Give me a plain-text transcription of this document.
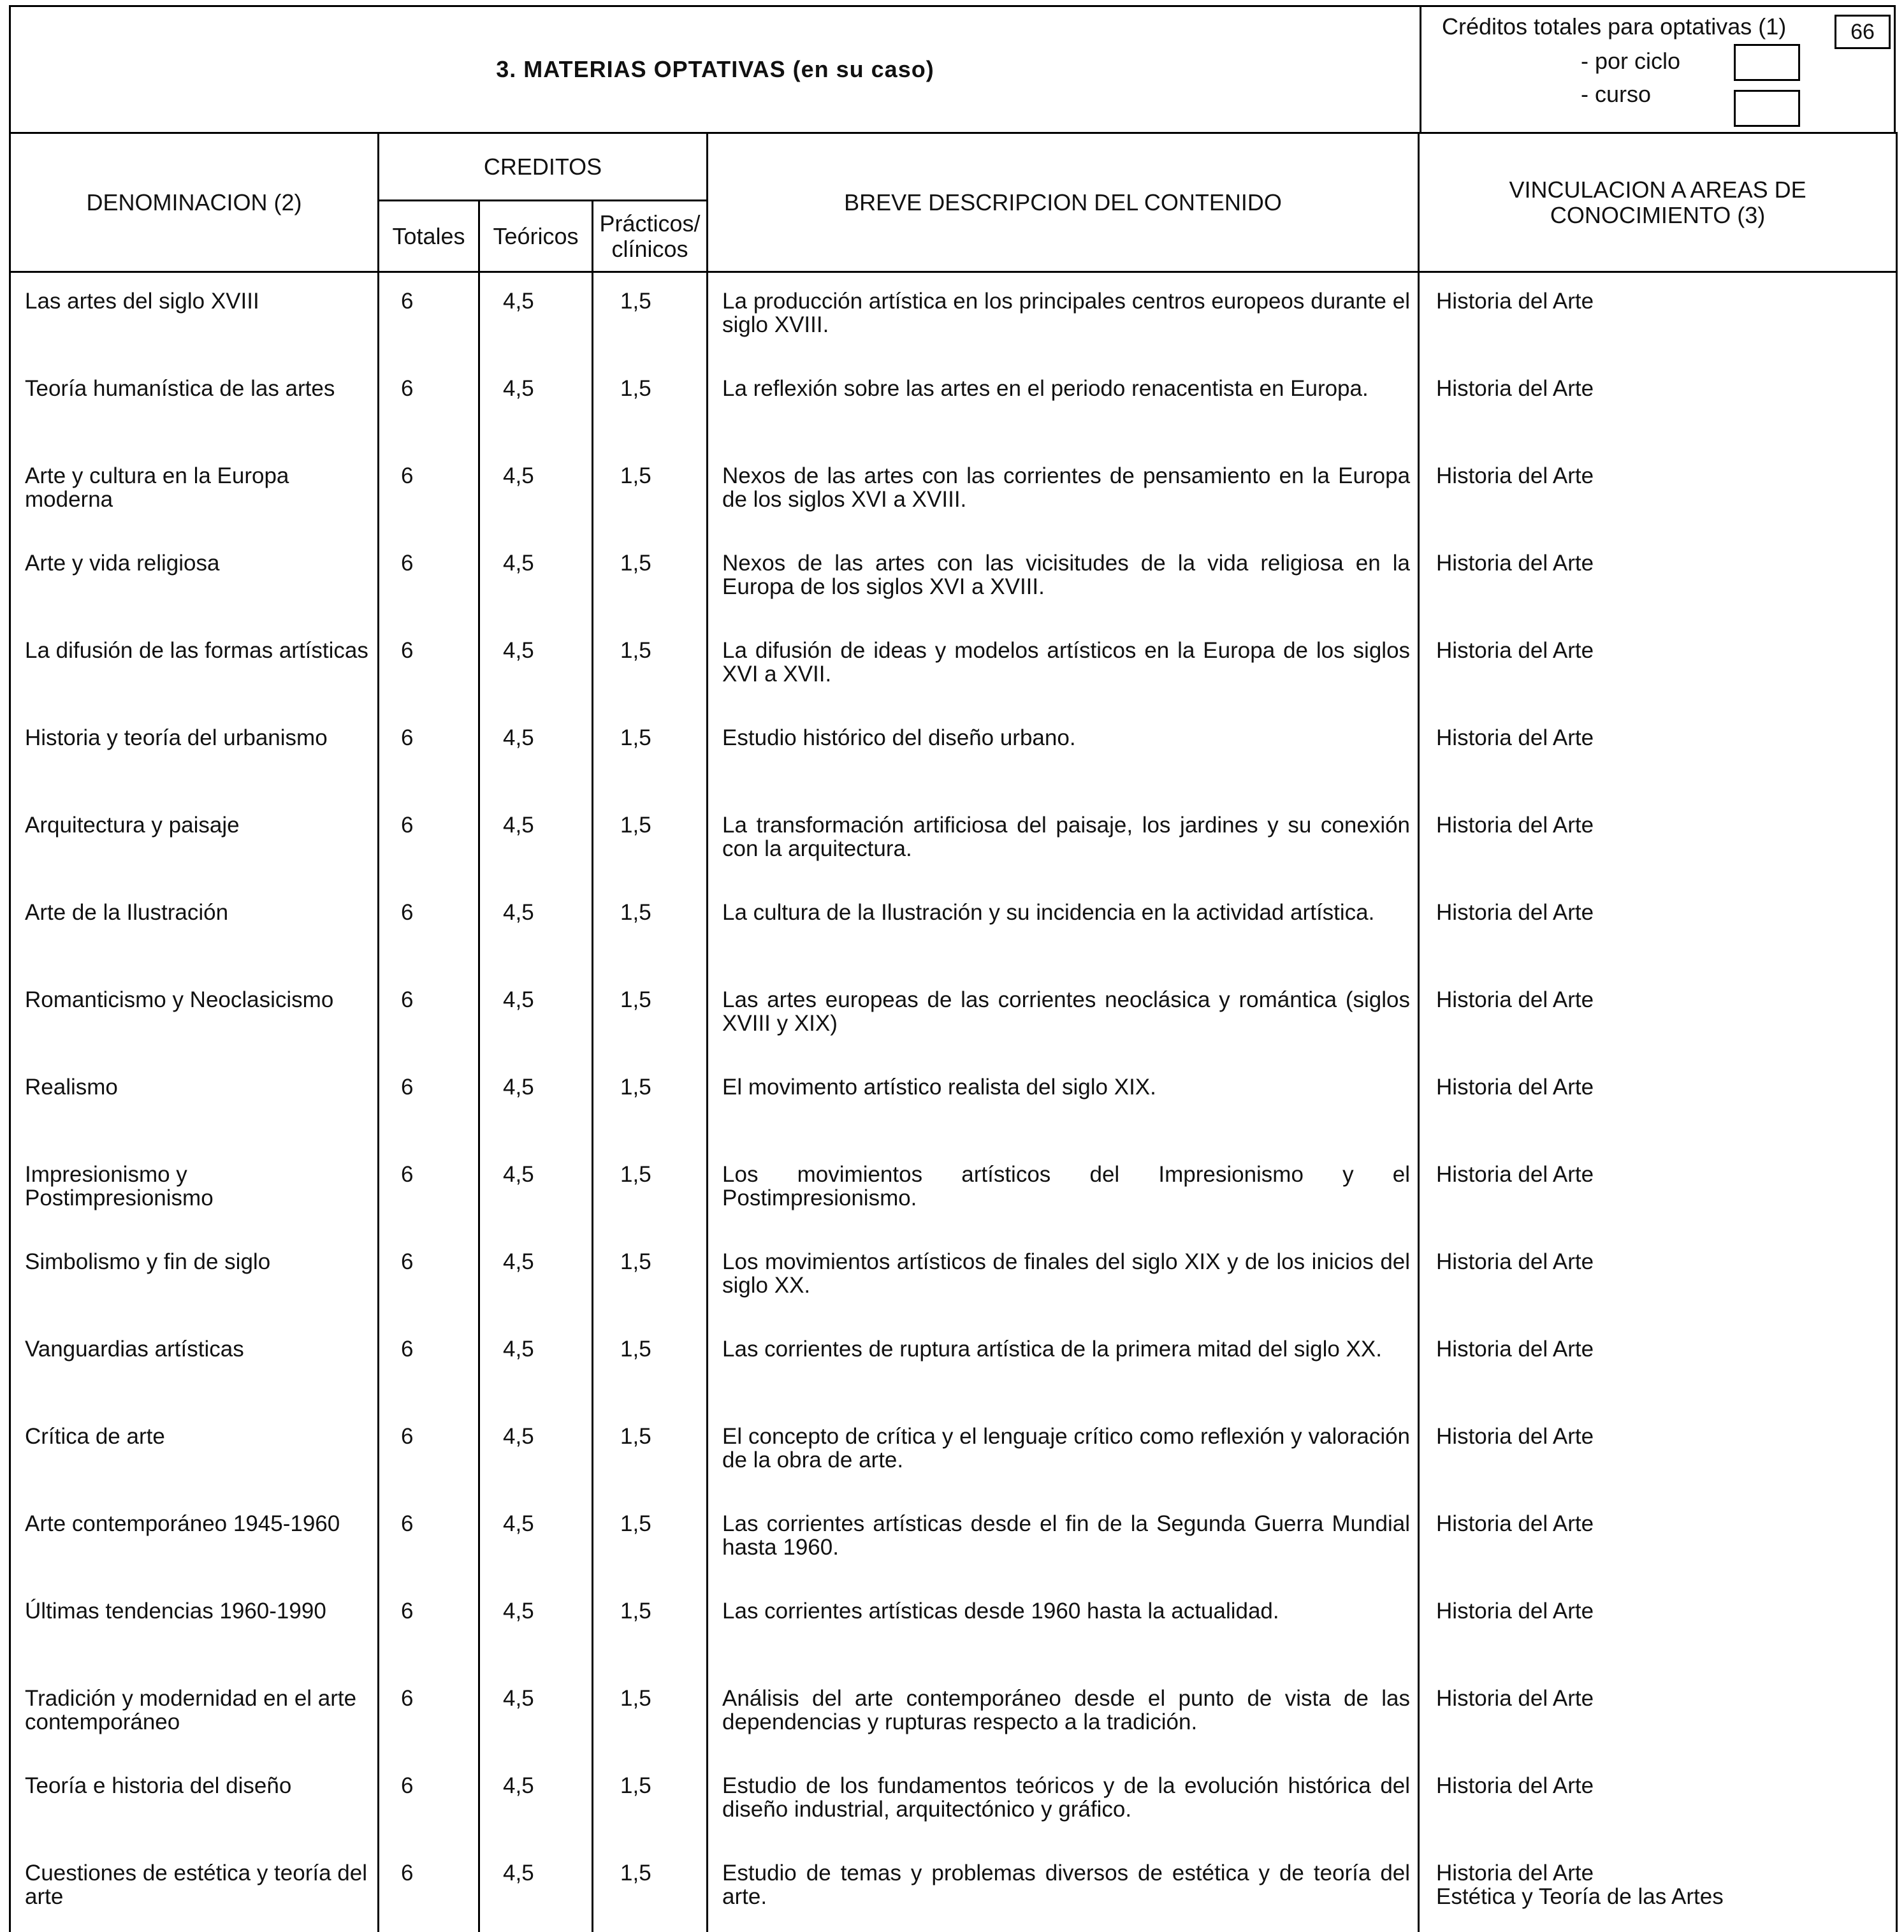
3. MATERIAS OPTATIVAS (en su caso)
Créditos totales para optativas (1)	66
- por ciclo
- curso
DENOMINACION (2)	CREDITOS			BREVE DESCRIPCION DEL CONTENIDO	VINCULACION A AREAS DE CONOCIMIENTO (3)
	Totales	Teóricos	Prácticos/ clínicos		
Las artes del siglo XVIII	6	4,5	1,5	La producción artística en los principales centros europeos durante el siglo XVIII.	Historia del Arte

Teoría humanística de las artes	6	4,5	1,5	La reflexión sobre las artes en el periodo renacentista en Europa.	Historia del Arte

Arte y cultura en la Europa moderna	6	4,5	1,5	Nexos de las artes con las corrientes de pensamiento en la Europa de los siglos XVI a XVIII.	Historia del Arte

Arte y vida religiosa	6	4,5	1,5	Nexos de las artes con las vicisitudes de la vida religiosa en la Europa de los siglos XVI a XVIII.	Historia del Arte

La difusión de las formas artísticas	6	4,5	1,5	La difusión de ideas y modelos artísticos en la Europa de los siglos XVI a XVII.	Historia del Arte

Historia y teoría del urbanismo	6	4,5	1,5	Estudio histórico del diseño urbano.	Historia del Arte

Arquitectura y paisaje	6	4,5	1,5	La transformación artificiosa del paisaje, los jardines y su conexión con la arquitectura.	Historia del Arte

Arte de la Ilustración	6	4,5	1,5	La cultura de la Ilustración y su incidencia en la actividad artística.	Historia del Arte

Romanticismo y Neoclasicismo	6	4,5	1,5	Las artes europeas de las corrientes neoclásica y romántica (siglos XVIII y XIX)	Historia del Arte

Realismo	6	4,5	1,5	El movimento artístico realista del siglo XIX.	Historia del Arte

Impresionismo y Postimpresionismo	6	4,5	1,5	Los movimientos artísticos del Impresionismo y el Postimpresionismo.	Historia del Arte

Simbolismo y fin de siglo	6	4,5	1,5	Los movimientos artísticos de finales del siglo XIX y de los inicios del siglo XX.	Historia del Arte

Vanguardias artísticas	6	4,5	1,5	Las corrientes de ruptura artística de la primera mitad del siglo XX.	Historia del Arte

Crítica de arte	6	4,5	1,5	El concepto de crítica y el lenguaje crítico como reflexión y valoración de la obra de arte.	Historia del Arte

Arte contemporáneo 1945-1960	6	4,5	1,5	Las corrientes artísticas desde el fin de la Segunda Guerra Mundial hasta 1960.	Historia del Arte

Últimas tendencias 1960-1990	6	4,5	1,5	Las corrientes artísticas desde 1960 hasta la actualidad.	Historia del Arte

Tradición y modernidad en el arte contemporáneo	6	4,5	1,5	Análisis del arte contemporáneo desde el punto de vista de las dependencias y rupturas respecto a la tradición.	Historia del Arte

Teoría e historia del diseño	6	4,5	1,5	Estudio de los fundamentos teóricos y de la evolución histórica del diseño industrial, arquitectónico y gráfico.	Historia del Arte

Cuestiones de estética y teoría del arte	6	4,5	1,5	Estudio de temas y problemas diversos de estética y de teoría del arte.	Historia del Arte
Estética y Teoría de las Artes
